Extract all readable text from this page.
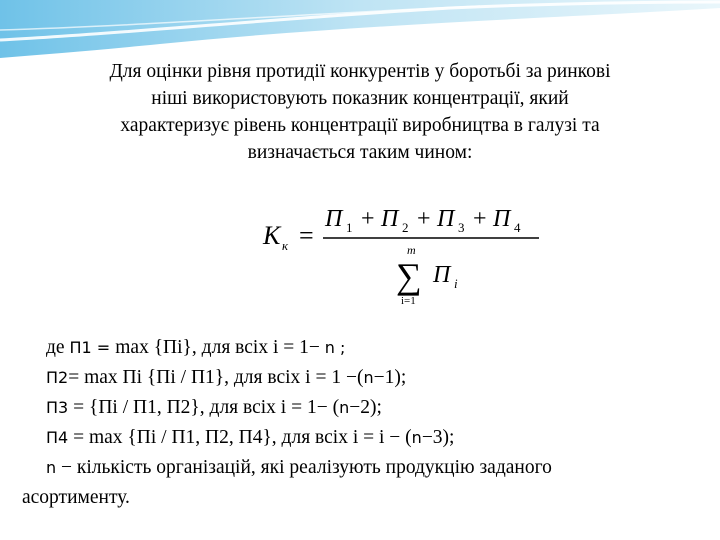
Для оцінки рівня протидії конкурентів у боротьбі за ринкові
ніші використовують показник концентрації, який
характеризує рівень концентрації виробництва в галузі та
визначається таким чином:

K к =
П 1 + П 2 + П 3 + П 4
m
∑
i=1
П i
де П1 = max {Пі}, для всіх і = 1− n ;
П2= max Пі {Пі / П1}, для всіх і = 1 −(n−1);
П3 = {Пі / П1, П2}, для всіх і = 1− (n−2);
П4 = max {Пі / П1, П2, П4}, для всіх і = і − (n−3);
n − кількість організацій, які реалізують продукцію заданого
асортименту.
